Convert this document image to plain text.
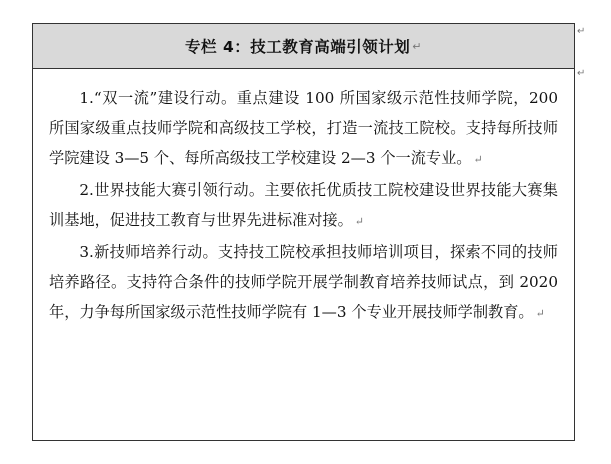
专栏 4：技工教育高端引领计划 ↵

1.“双一流”建设行动。重点建设 100 所国家级示范性技师学院，200 所国家级重点技师学院和高级技工学校，打造一流技工院校。支持每所技师学院建设 3—5 个、每所高级技工学校建设 2—3 个一流专业。 ↵

2.世界技能大赛引领行动。主要依托优质技工院校建设世界技能大赛集训基地，促进技工教育与世界先进标准对接。 ↵

3.新技师培养行动。支持技工院校承担技师培训项目，探索不同的技师培养路径。支持符合条件的技师学院开展学制教育培养技师试点，到 2020 年，力争每所国家级示范性技师学院有 1—3 个专业开展技师学制教育。 ↵

↵
↵
